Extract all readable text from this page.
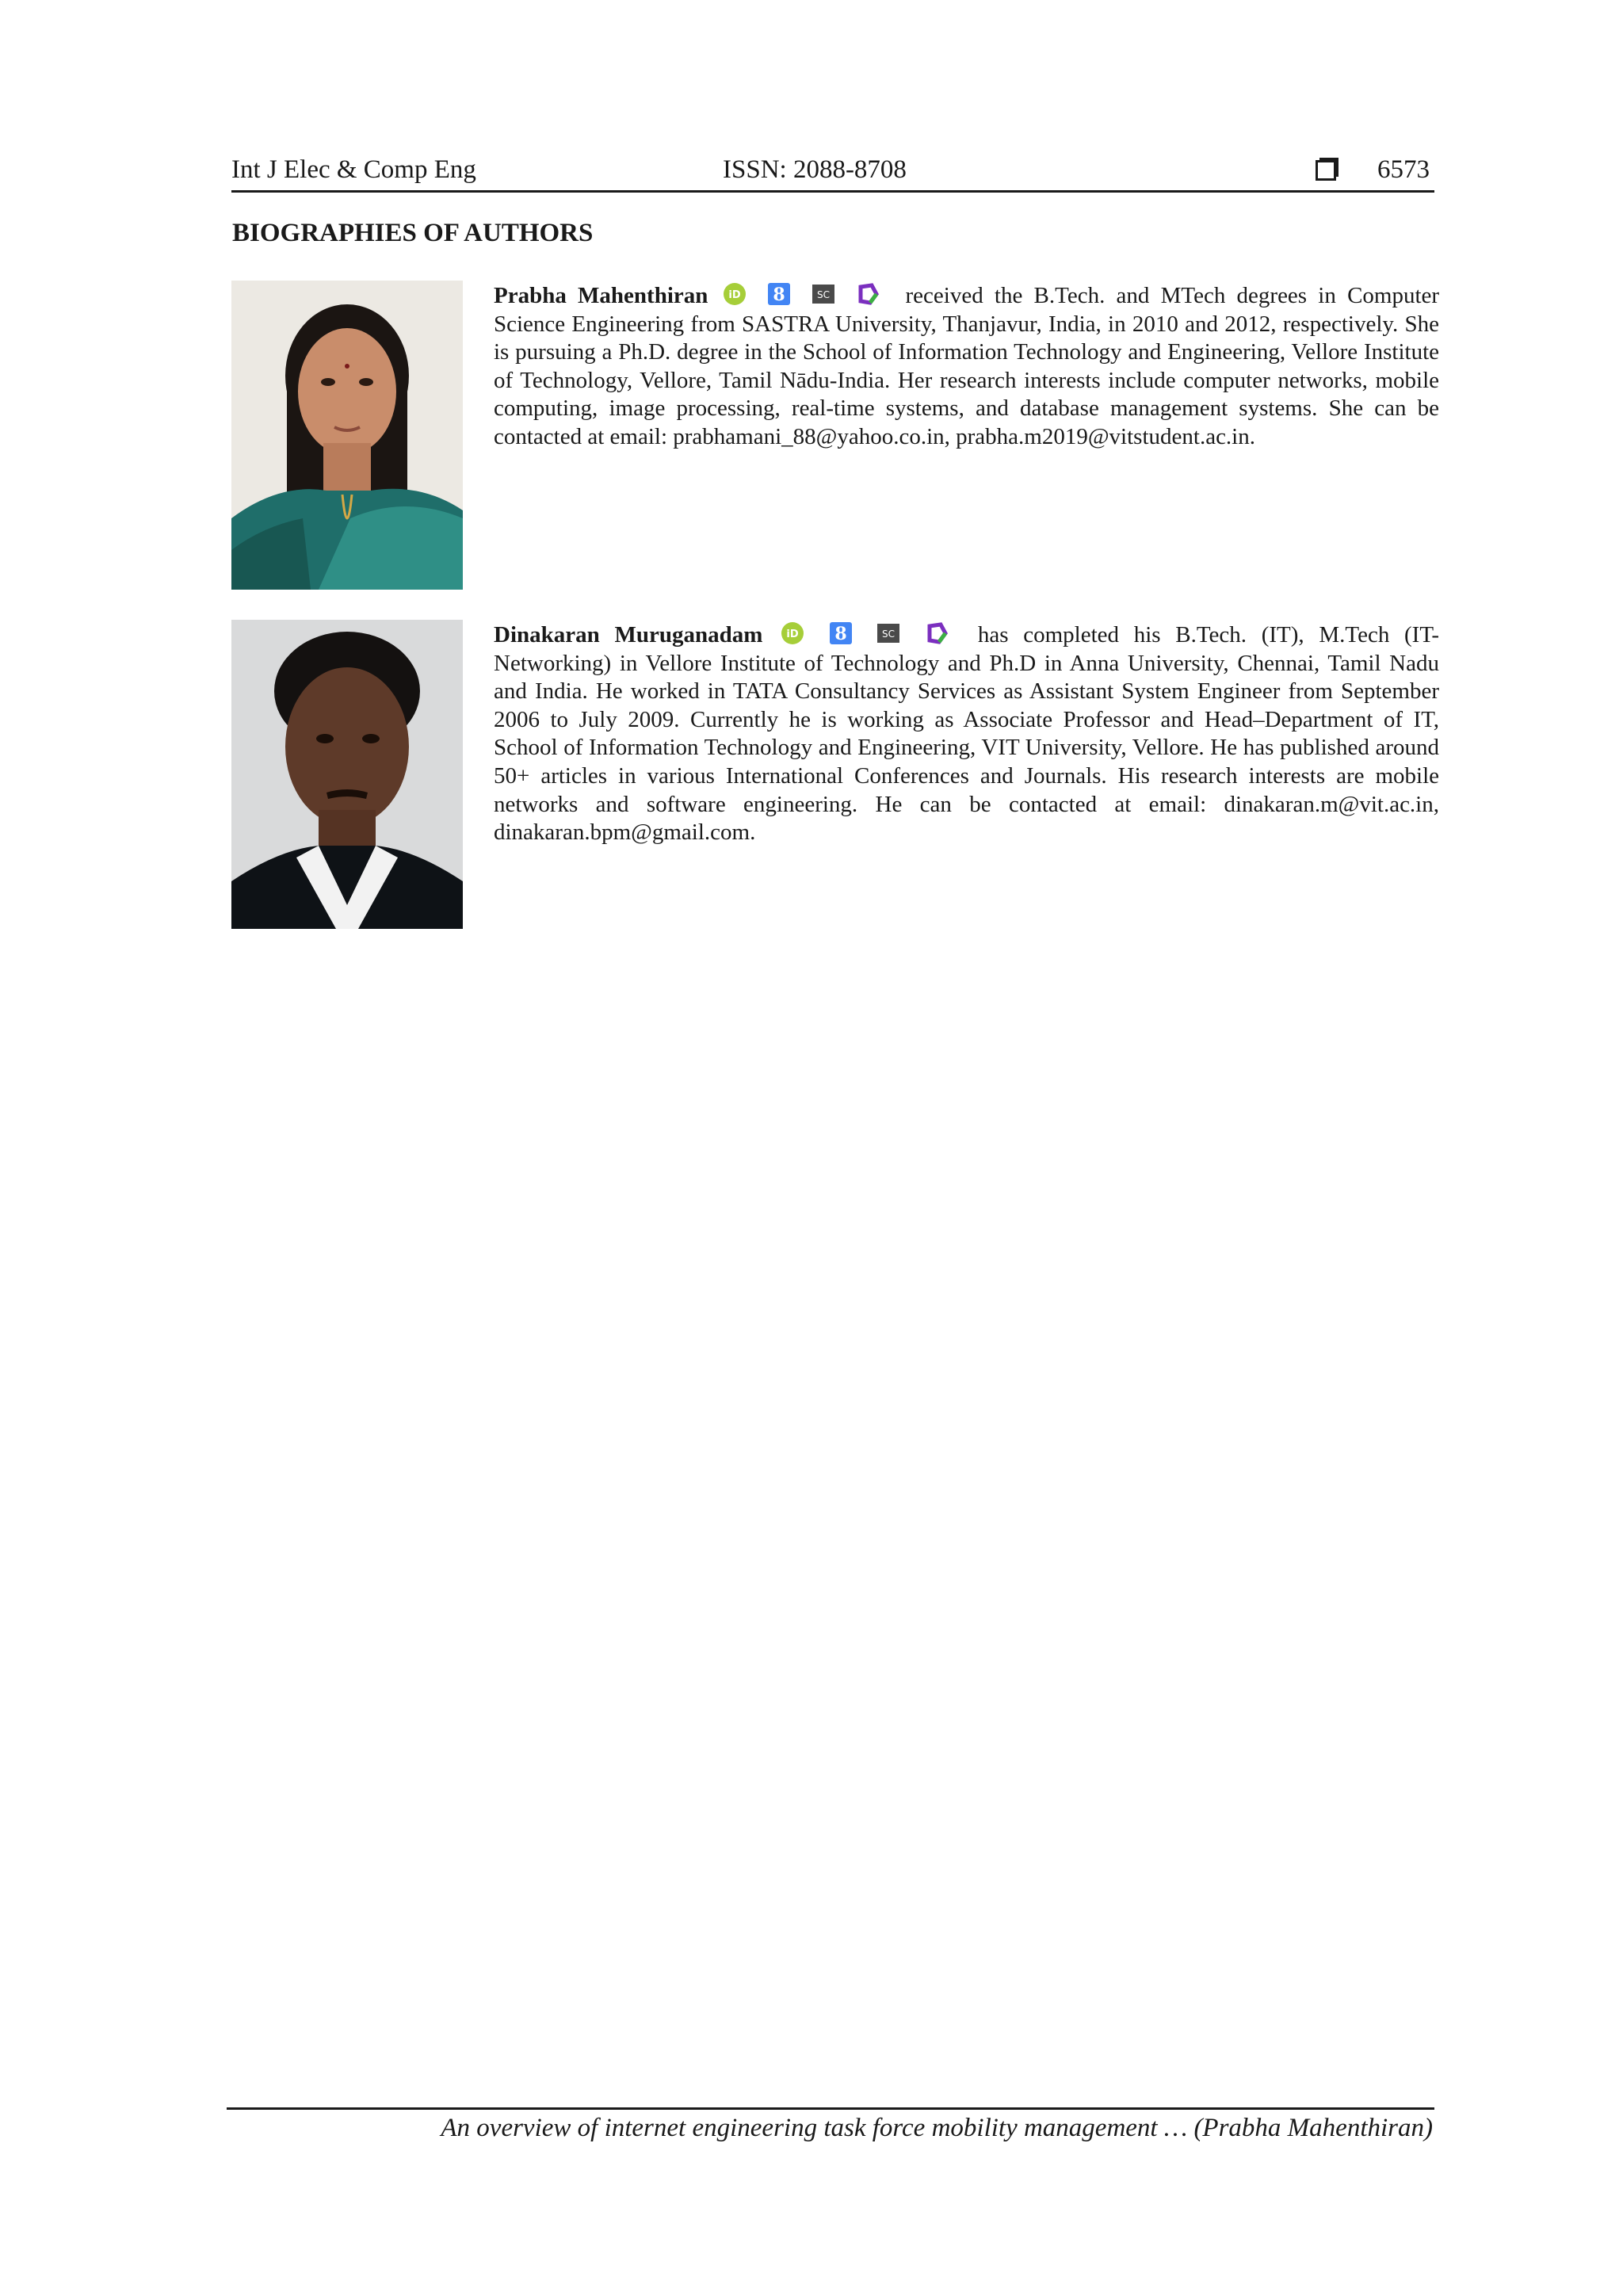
Int J Elec & Comp Eng	ISSN: 2088-8708	6573
BIOGRAPHIES OF AUTHORS
Prabha Mahenthiran iD
8
	SC
	received the B.Tech. and MTech degrees in Computer Science Engineering from SASTRA University, Thanjavur, India, in 2010 and 2012, respectively. She is pursuing a Ph.D. degree in the School of Information Technology and Engineering, Vellore Institute of Technology, Vellore, Tamil Nādu-India. Her research interests include computer networks, mobile computing, image processing, real-time systems, and database management systems. She can be contacted at email: prabhamani_88@yahoo.co.in, prabha.m2019@vitstudent.ac.in.
Dinakaran Muruganadam iD
8
	SC
	has completed his B.Tech. (IT), M.Tech (IT-Networking) in Vellore Institute of Technology and Ph.D in Anna University, Chennai, Tamil Nadu and India. He worked in TATA Consultancy Services as Assistant System Engineer from September 2006 to July 2009. Currently he is working as Associate Professor and Head–Department of IT, School of Information Technology and Engineering, VIT University, Vellore. He has published around 50+ articles in various International Conferences and Journals. His research interests are mobile networks and software engineering. He can be contacted at email: dinakaran.m@vit.ac.in, dinakaran.bpm@gmail.com.
An overview of internet engineering task force mobility management … (Prabha Mahenthiran)
